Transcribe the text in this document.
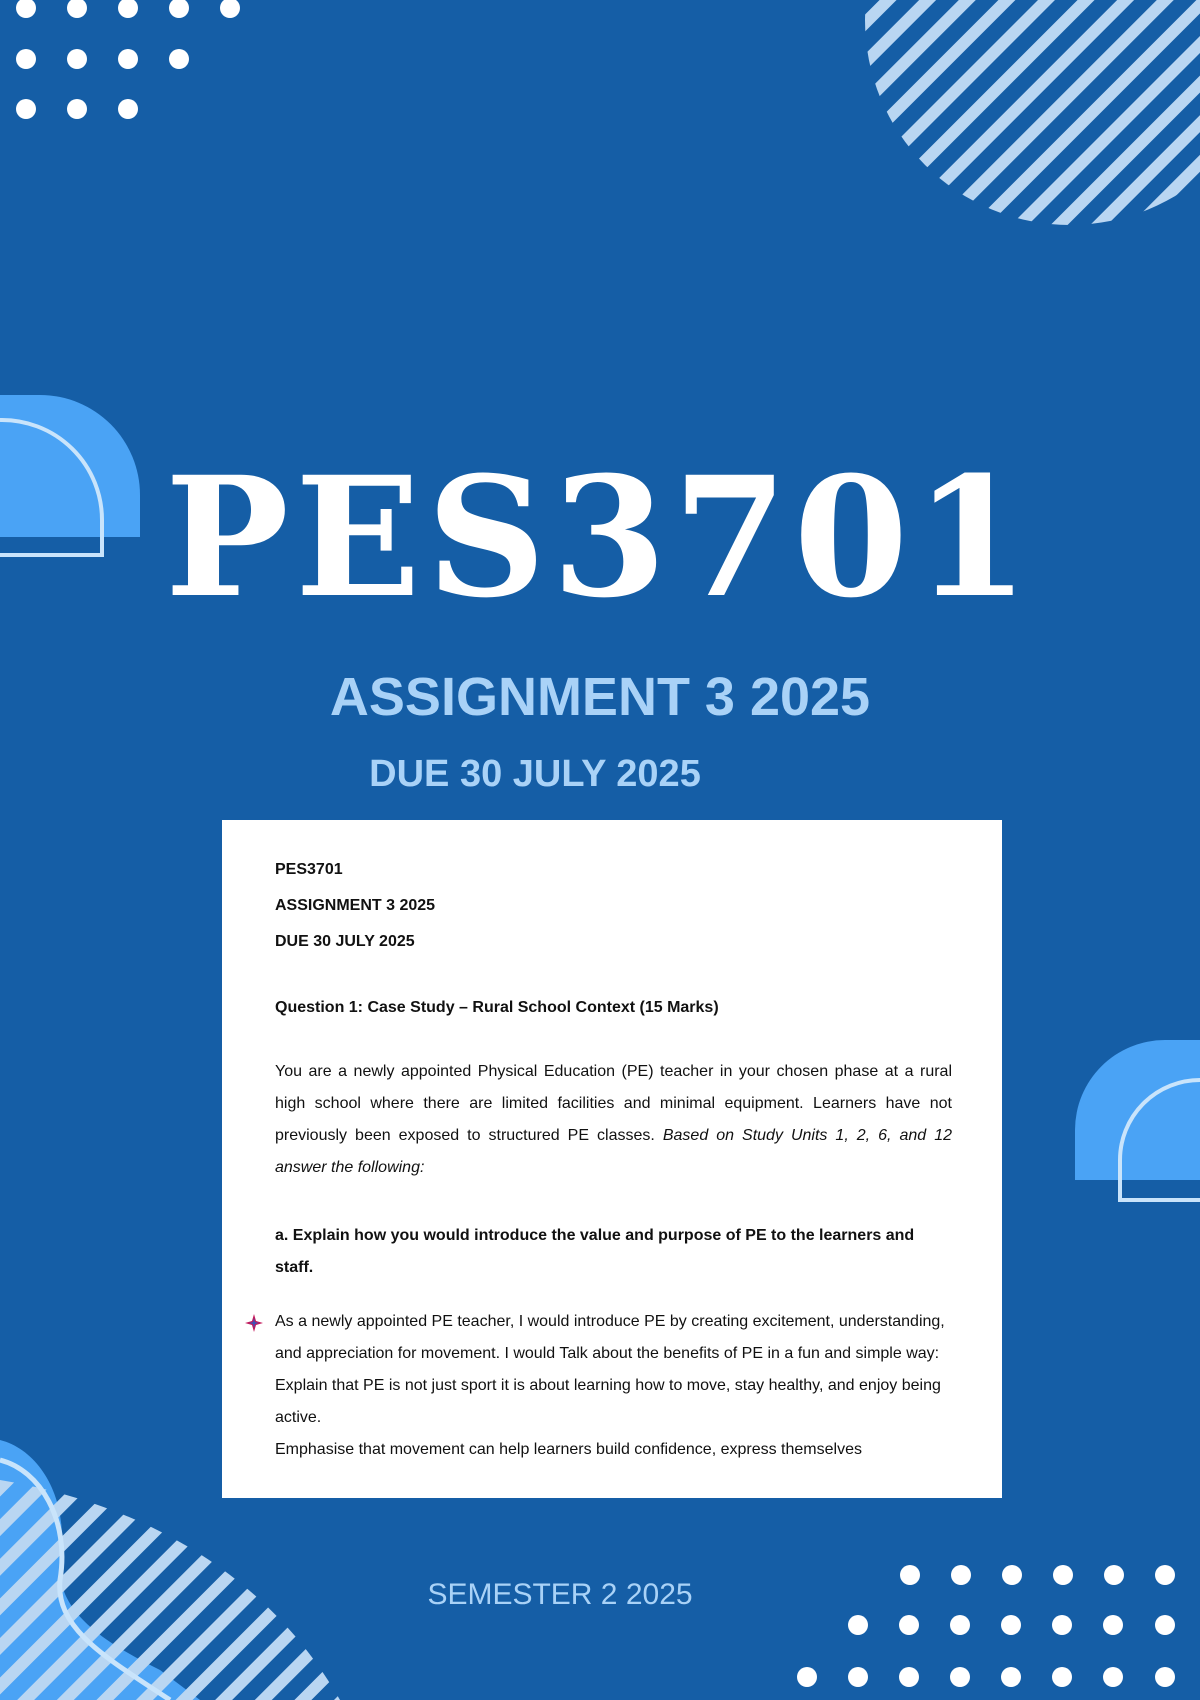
PES3701
ASSIGNMENT 3 2025
DUE 30 JULY 2025

PES3701

ASSIGNMENT 3 2025

DUE 30 JULY 2025

Question 1: Case Study – Rural School Context (15 Marks)

You are a newly appointed Physical Education (PE) teacher in your chosen phase at a rural high school where there are limited facilities and minimal equipment. Learners have not previously been exposed to structured PE classes. Based on Study Units 1, 2, 6, and 12 answer the following:

a. Explain how you would introduce the value and purpose of PE to the learners and staff.

As a newly appointed PE teacher, I would introduce PE by creating excitement, understanding, and appreciation for movement. I would Talk about the benefits of PE in a fun and simple way:

Explain that PE is not just sport it is about learning how to move, stay healthy, and enjoy being active.

Emphasise that movement can help learners build confidence, express themselves

SEMESTER 2 2025
